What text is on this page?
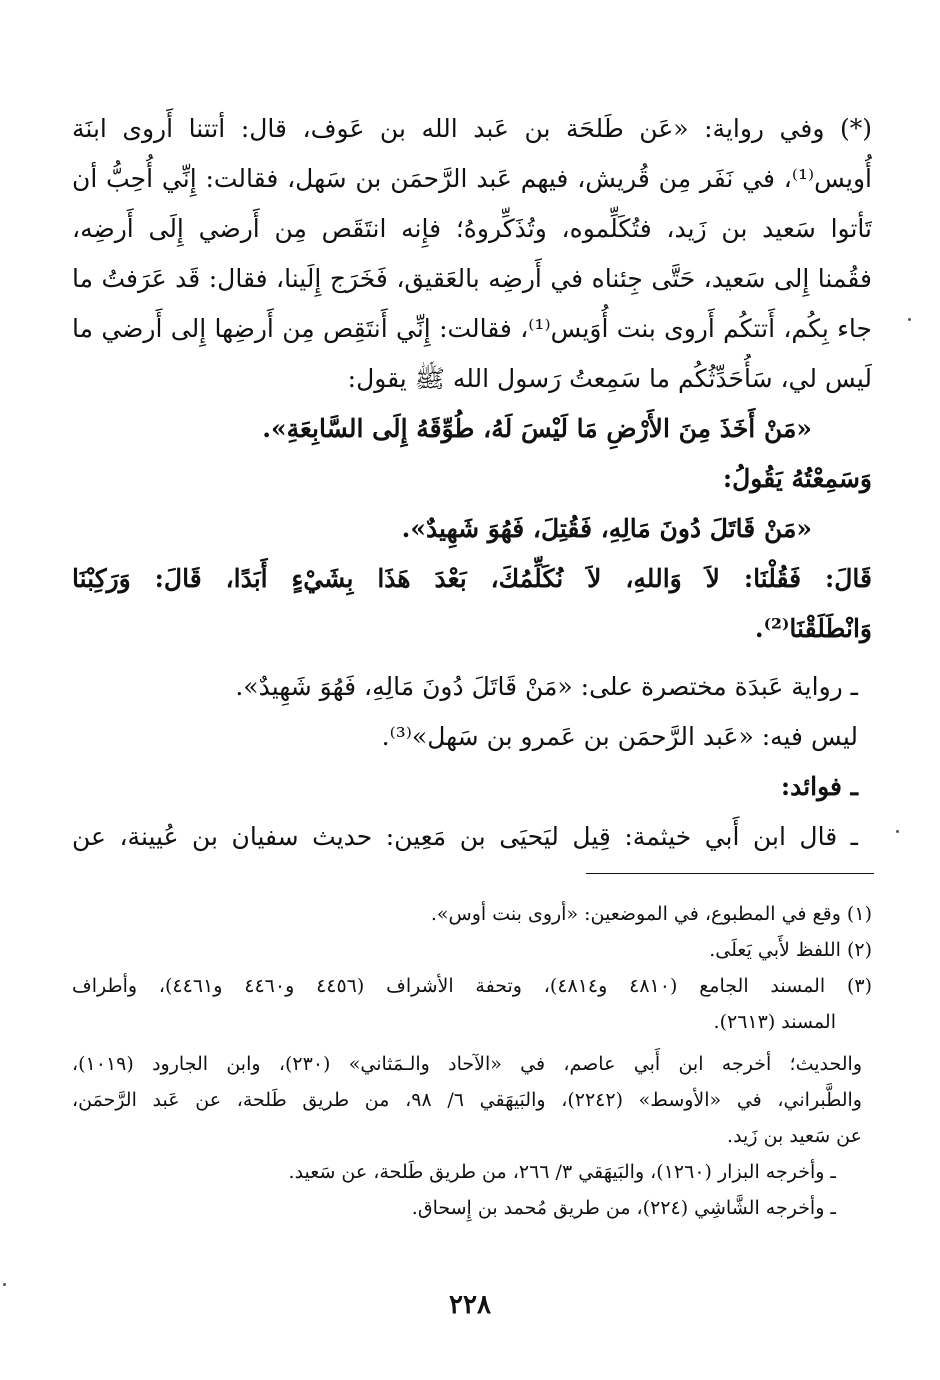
(*) وفي رواية: «عَن طَلحَة بن عَبد الله بن عَوف، قال: أتتنا أَروى ابنَة
أُويس⁽¹⁾، في نَفَر مِن قُريش، فيهم عَبد الرَّحمَن بن سَهل، فقالت: إِنِّي أُحِبُّ أن
تَأتوا سَعيد بن زَيد، فتُكَلِّموه، وتُذَكِّروهُ؛ فإِنه انتَقَص مِن أَرضي إِلَى أَرضِه،
فقُمنا إِلى سَعيد، حَتَّى جِئناه في أَرضِه بالعَقيق، فَخَرَج إِلَينا، فقال: قَد عَرَفتُ ما
جاء بِكُم، أَتتكُم أَروى بنت أُوَيس⁽¹⁾، فقالت: إِنِّي أَنتَقِص مِن أَرضِها إِلى أَرضي ما
لَيس لي، سَأُحَدِّثُكُم ما سَمِعتُ رَسول الله ﷺ يقول:
«مَنْ أَخَذَ مِنَ الأَرْضِ مَا لَيْسَ لَهُ، طُوِّقَهُ إِلَى السَّابِعَةِ».
وَسَمِعْتُهُ يَقُولُ:
«مَنْ قَاتَلَ دُونَ مَالِهِ، فَقُتِلَ، فَهُوَ شَهِيدٌ».
قَالَ: فَقُلْنَا: لاَ وَاللهِ، لاَ نُكَلِّمُكَ، بَعْدَ هَذَا بِشَيْءٍ أَبَدًا، قَالَ: وَرَكِبْنَا
وَانْطَلَقْنَا⁽²⁾.
ـ رواية عَبدَة مختصرة على: «مَنْ قَاتَلَ دُونَ مَالِهِ، فَهُوَ شَهِيدٌ».
ليس فيه: «عَبد الرَّحمَن بن عَمرو بن سَهل»⁽³⁾.
ـ فوائد:
ـ قال ابن أَبي خيثمة: قِيل ليَحيَى بن مَعِين: حديث سفيان بن عُيينة، عن
(١) وقع في المطبوع، في الموضعين: «أروى بنت أوس».
(٢) اللفظ لأَبي يَعلَى.
(٣) المسند الجامع (٤٨١٠ و٤٨١٤)، وتحفة الأشراف (٤٤٥٦ و٤٤٦٠ و٤٤٦١)، وأطراف
المسند (٢٦١٣).
والحديث؛ أخرجه ابن أَبي عاصم، في «الآحاد والـمَثاني» (٢٣٠)، وابن الجارود (١٠١٩)،
والطَّبراني، في «الأوسط» (٢٢٤٢)، والبَيهَقي ٦/ ٩٨، من طريق طَلحة، عن عَبد الرَّحمَن،
عن سَعيد بن زَيد.
ـ وأخرجه البزار (١٢٦٠)، والبَيهَقي ٣/ ٢٦٦، من طريق طَلحة، عن سَعيد.
ـ وأخرجه الشَّاشِي (٢٢٤)، من طريق مُحمد بن إِسحاق.
٢٢٨
